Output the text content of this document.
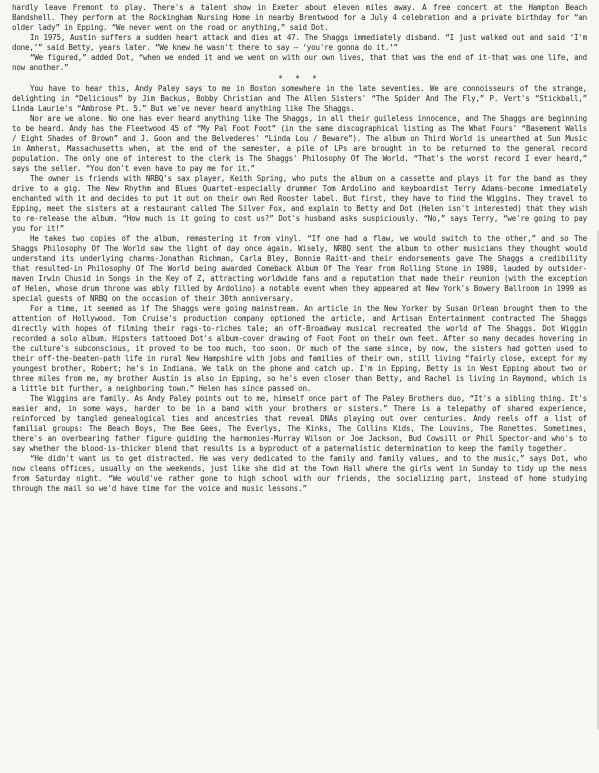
hardly leave Fremont to play. There's a talent show in Exeter about eleven miles away. A free concert at the Hampton Beach Bandshell. They perform at the Rockingham Nursing Home in nearby Brentwood for a July 4 celebration and a private birthday for “an older lady” in Epping. “We never went on the road or anything,” said Dot.

In 1975, Austin suffers a sudden heart attack and dies at 47. The Shaggs immediately disband. “I just walked out and said ‘I'm done,’” said Betty, years later. “We knew he wasn't there to say — ‘you're gonna do it.’”

“We figured,” added Dot, “when we ended it and we went on with our own lives, that that was the end of it-that was one life, and now another.”

* * *

You have to hear this, Andy Paley says to me in Boston somewhere in the late seventies. We are connoisseurs of the strange, delighting in “Delicious” by Jim Backus, Bobby Christian and The Allen Sisters' “The Spider And The Fly,” P. Vert's “Stickball,” Linda Laurie's “Ambrose Pt. 5.” But we've never heard anything like The Shaggs.

Nor are we alone. No one has ever heard anything like The Shaggs, in all their guileless innocence, and The Shaggs are beginning to be heard. Andy has the Fleetwood 45 of “My Pal Foot Foot” (in the same discographical listing as The What Fours' “Basement Walls / Eight Shades of Brown” and J. Goon and the Belvederes' “Linda Lou / Beware”). The album on Third World is unearthed at Sun Music in Amherst, Massachusetts when, at the end of the semester, a pile of LPs are brought in to be returned to the general record population. The only one of interest to the clerk is The Shaggs' Philosophy Of The World. “That's the worst record I ever heard,” says the seller. “You don't even have to pay me for it.”

The owner is friends with NRBQ's sax player, Keith Spring, who puts the album on a cassette and plays it for the band as they drive to a gig. The New Rhythm and Blues Quartet-especially drummer Tom Ardolino and keyboardist Terry Adams-become immediately enchanted with it and decides to put it out on their own Red Rooster label. But first, they have to find the Wiggins. They travel to Epping, meet the sisters at a restaurant called The Silver Fox, and explain to Betty and Dot (Helen isn't interested) that they wish to re-release the album. “How much is it going to cost us?” Dot's husband asks suspiciously. “No,” says Terry, “we're going to pay you for it!”

He takes two copies of the album, remastering it from vinyl. “If one had a flaw, we would switch to the other,” and so The Shaggs Philosophy Of The World saw the light of day once again. Wisely, NRBQ sent the album to other musicians they thought would understand its underlying charms-Jonathan Richman, Carla Bley, Bonnie Raitt-and their endorsements gave The Shaggs a credibility that resulted-in Philosophy Of The World being awarded Comeback Album Of The Year from Rolling Stone in 1980, lauded by outsider-maven Irwin Chusid in Songs in the Key of Z, attracting worldwide fans and a reputation that made their reunion (with the exception of Helen, whose drum throne was ably filled by Ardolino) a notable event when they appeared at New York's Bowery Ballroom in 1999 as special guests of NRBQ on the occasion of their 30th anniversary.

For a time, it seemed as if The Shaggs were going mainstream. An article in the New Yorker by Susan Orlean brought them to the attention of Hollywood. Tom Cruise's production company optioned the article, and Artisan Entertainment contracted The Shaggs directly with hopes of filming their rags-to-riches tale; an off-Broadway musical recreated the world of The Shaggs. Dot Wiggin recorded a solo album. Hipsters tattooed Dot's album-cover drawing of Foot Foot on their own feet. After so many decades hovering in the culture's subconscious, it proved to be too much, too soon. Or much of the same since, by now, the sisters had gotten used to their off-the-beaten-path life in rural New Hampshire with jobs and families of their own, still living “fairly close, except for my youngest brother, Robert; he's in Indiana. We talk on the phone and catch up. I'm in Epping, Betty is in West Epping about two or three miles from me, my brother Austin is also in Epping, so he's even closer than Betty, and Rachel is living in Raymond, which is a little bit further, a neighboring town.” Helen has since passed on.

The Wiggins are family. As Andy Paley points out to me, himself once part of The Paley Brothers duo, “It's a sibling thing. It's easier and, in some ways, harder to be in a band with your brothers or sisters.” There is a telepathy of shared experience, reinforced by tangled genealogical ties and ancestries that reveal DNAs playing out over centuries. Andy reels off a list of familial groups: The Beach Boys, The Bee Gees, The Everlys, The Kinks, The Collins Kids, The Louvins, The Ronettes. Sometimes, there's an overbearing father figure guiding the harmonies-Murray Wilson or Joe Jackson, Bud Cowsill or Phil Spector-and who's to say whether the blood-is-thicker blend that results is a byproduct of a paternalistic determination to keep the family together.

“He didn't want us to get distracted. He was very dedicated to the family and family values, and to the music,” says Dot, who now cleans offices, usually on the weekends, just like she did at the Town Hall where the girls went in Sunday to tidy up the mess from Saturday night. “We would've rather gone to high school with our friends, the socializing part, instead of home studying through the mail so we'd have time for the voice and music lessons.”
